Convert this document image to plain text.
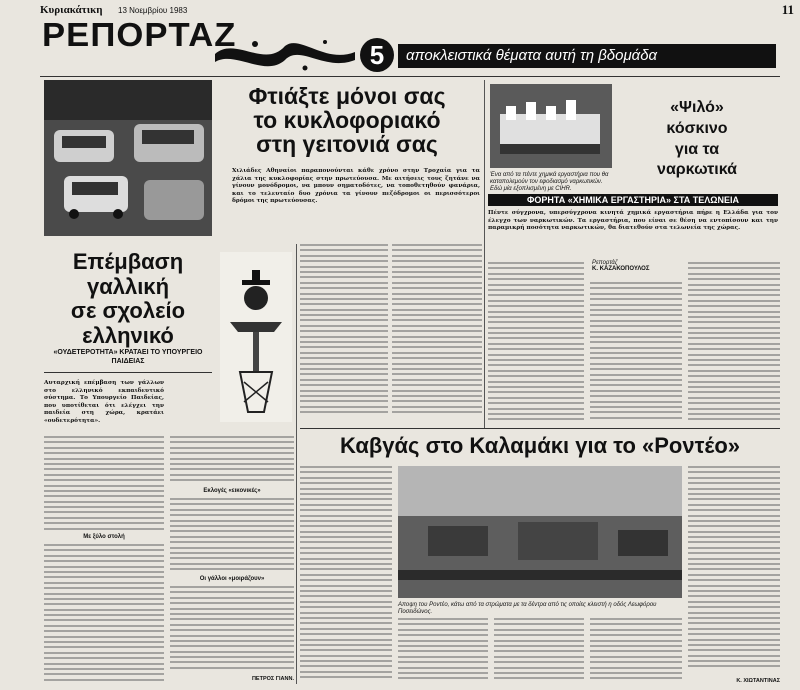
Κυριακάτικη 13 Νοεμβρίου 1983	11
ΡΕΠΟΡΤΑΖ
5	αποκλειστικά θέματα αυτή τη βδομάδα
Φτιάξτε μόνοι σας
το κυκλοφοριακό
στη γειτονιά σας
Χιλιάδες Αθηναίοι παραπονούνται κάθε χρόνο στην Τροχαία για τα χάλια της κυκλοφορίας στην πρωτεύουσα. Με αιτήσεις τους ζητάνε να γίνουν μονόδρομοι, να μπουν σηματοδότες, να τοποθετηθούν φανάρια, και το τελευταίο δυο χρόνια τα γίνουν πεζόδρομοι οι περισσότεροι δρόμοι της πρωτεύουσας.
Ένα από τα πέντε χημικά εργαστήρια που θα καταπολεμούν τον εφοδιασμό ναρκωτικών. Εδώ μία εξοπλισμένη με CIHR.
«Ψιλό»
κόσκινο
για τα
ναρκωτικά
ΦΟΡΗΤΑ «ΧΗΜΙΚΑ ΕΡΓΑΣΤΗΡΙΑ» ΣΤΑ ΤΕΛΩΝΕΙΑ
Πέντε σύγχρονα, υπερσύγχρονα κινητά χημικά εργαστήρια πήρε η Ελλάδα για τον έλεγχο των ναρκωτικών. Τα εργαστήρια, που είναι σε θέση να εντοπίσουν και την παραμικρή ποσότητα ναρκωτικών, θα διατεθούν στα τελωνεία της χώρας.
Ρεπορτάζ
Κ. ΚΑΖΑΚΟΠΟΥΛΟΣ
Επέμβαση
γαλλική
σε σχολείο
ελληνικό
«ΟΥΔΕΤΕΡΟΤΗΤΑ» ΚΡΑΤΑΕΙ ΤΟ ΥΠΟΥΡΓΕΙΟ ΠΑΙΔΕΙΑΣ
Αυταρχική επέμβαση των γάλλων στο ελληνικό εκπαιδευτικό σύστημα. Το Υπουργείο Παιδείας, που υποτίθεται ότι ελέγχει την παιδεία στη χώρα, κρατάει «ουδετερότητα».
Με ξύλο στολή
Εκλογές «εικονικές»
Οι γάλλοι «μοιράζουν»
ΠΕΤΡΟΣ ΓΙΑΝΝ.
Καβγάς στο Καλαμάκι για το «Ροντέο»
Αποψη του Ροντέο, κάτω από τα στρώματα με τα δέντρα από τις οποίες κλειστή η οδός Λεωφόρου Ποσειδώνος.
Κ. ΧΙΩΤΑΝΤΙΝΑΣ
